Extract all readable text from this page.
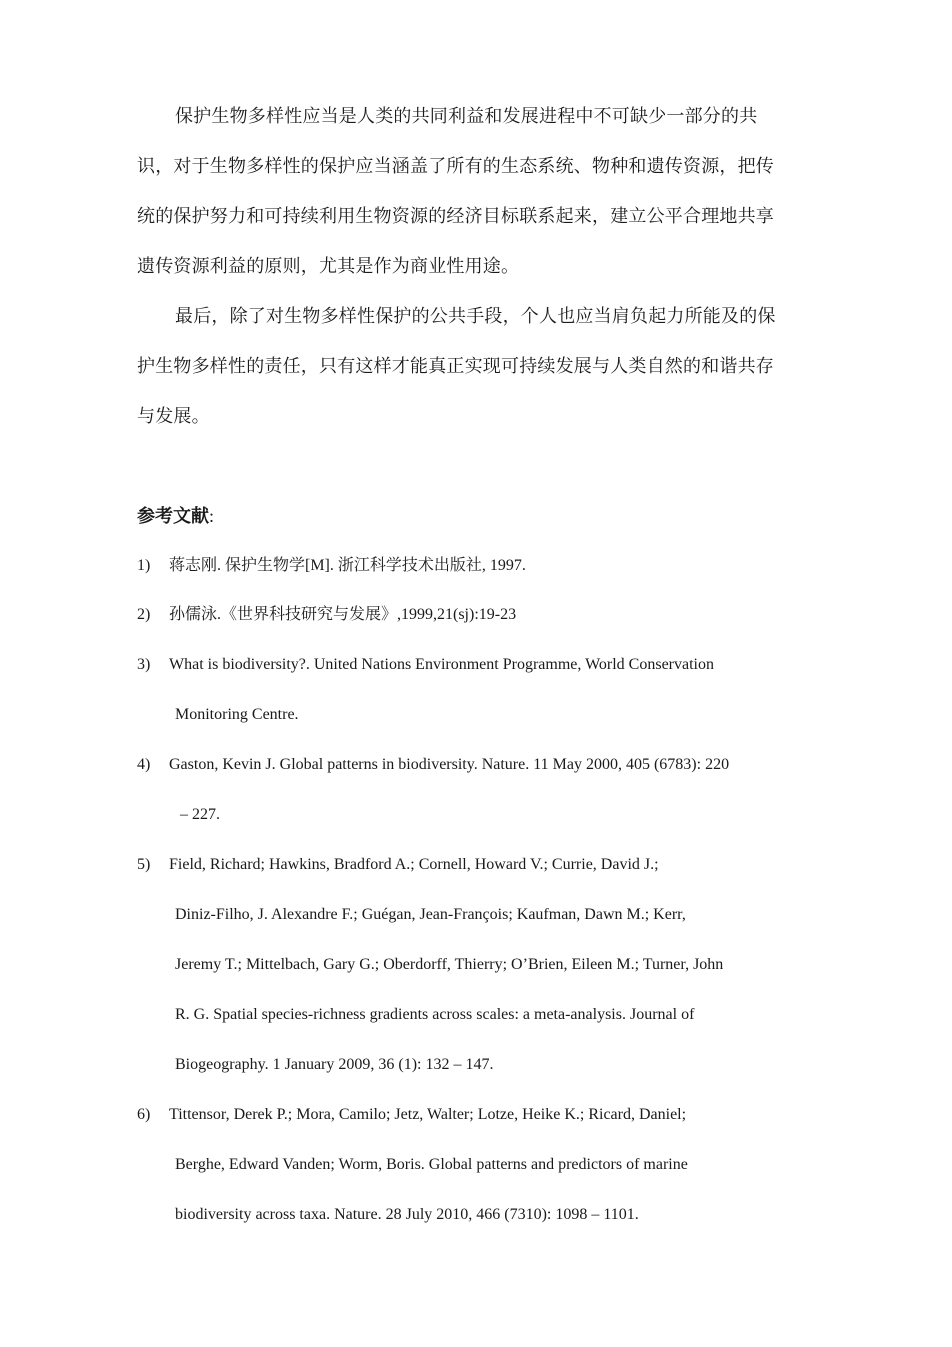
保护生物多样性应当是人类的共同利益和发展进程中不可缺少一部分的共
识，对于生物多样性的保护应当涵盖了所有的生态系统、物种和遗传资源，把传
统的保护努力和可持续利用生物资源的经济目标联系起来，建立公平合理地共享
遗传资源利益的原则，尤其是作为商业性用途。
最后，除了对生物多样性保护的公共手段，个人也应当肩负起力所能及的保
护生物多样性的责任，只有这样才能真正实现可持续发展与人类自然的和谐共存
与发展。
参考文献:
1) 蒋志刚. 保护生物学[M]. 浙江科学技术出版社, 1997.
2) 孙儒泳.《世界科技研究与发展》,1999,21(sj):19-23
3) What is biodiversity?. United Nations Environment Programme, World Conservation
Monitoring Centre.
4) Gaston, Kevin J. Global patterns in biodiversity. Nature. 11 May 2000, 405 (6783): 220
– 227.
5) Field, Richard; Hawkins, Bradford A.; Cornell, Howard V.; Currie, David J.;
Diniz-Filho, J. Alexandre F.; Guégan, Jean-François; Kaufman, Dawn M.; Kerr,
Jeremy T.; Mittelbach, Gary G.; Oberdorff, Thierry; O’Brien, Eileen M.; Turner, John
R. G. Spatial species-richness gradients across scales: a meta-analysis. Journal of
Biogeography. 1 January 2009, 36 (1): 132 – 147.
6) Tittensor, Derek P.; Mora, Camilo; Jetz, Walter; Lotze, Heike K.; Ricard, Daniel;
Berghe, Edward Vanden; Worm, Boris. Global patterns and predictors of marine
biodiversity across taxa. Nature. 28 July 2010, 466 (7310): 1098 – 1101.
